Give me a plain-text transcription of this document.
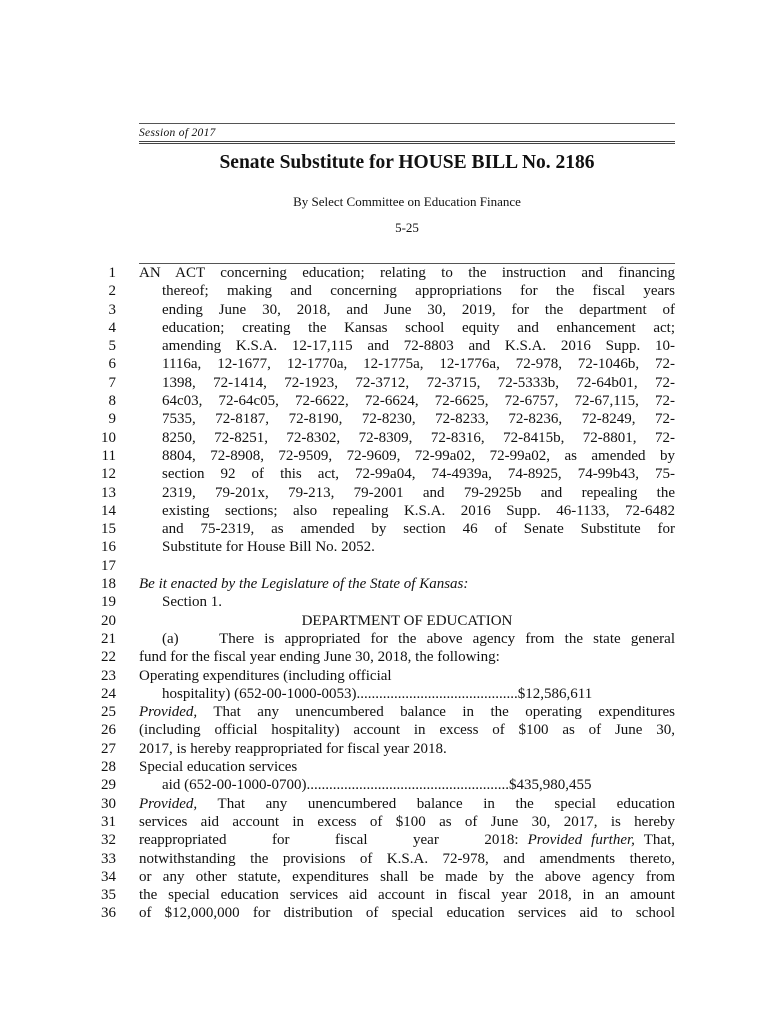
Session of 2017
Senate Substitute for HOUSE BILL No. 2186
By Select Committee on Education Finance
5-25
1
2
3
4
5
6
7
8
9
10
11
12
13
14
15
16
17
18
19
20
21
22
23
24
25
26
27
28
29
30
31
32
33
34
35
36
AN ACT concerning education; relating to the instruction and financing
thereof; making and concerning appropriations for the fiscal years
ending June 30, 2018, and June 30, 2019, for the department of
education; creating the Kansas school equity and enhancement act;
amending K.S.A. 12-17,115 and 72-8803 and K.S.A. 2016 Supp. 10-
1116a, 12-1677, 12-1770a, 12-1775a, 12-1776a, 72-978, 72-1046b, 72-
1398, 72-1414, 72-1923, 72-3712, 72-3715, 72-5333b, 72-64b01, 72-
64c03, 72-64c05, 72-6622, 72-6624, 72-6625, 72-6757, 72-67,115, 72-
7535, 72-8187, 72-8190, 72-8230, 72-8233, 72-8236, 72-8249, 72-
8250, 72-8251, 72-8302, 72-8309, 72-8316, 72-8415b, 72-8801, 72-
8804, 72-8908, 72-9509, 72-9609, 72-99a02, 72-99a02, as amended by
section 92 of this act, 72-99a04, 74-4939a, 74-8925, 74-99b43, 75-
2319, 79-201x, 79-213, 79-2001 and 79-2925b and repealing the
existing sections; also repealing K.S.A. 2016 Supp. 46-1133, 72-6482
and 75-2319, as amended by section 46 of Senate Substitute for
Substitute for House Bill No. 2052.
Be it enacted by the Legislature of the State of Kansas:
Section 1.
DEPARTMENT OF EDUCATION
(a)    There is appropriated for the above agency from the state general
fund for the fiscal year ending June 30, 2018, the following:
Operating expenditures (including official
hospitality) (652-00-1000-0053)...........................................$12,586,611
Provided, That any unencumbered balance in the operating expenditures
(including official hospitality) account in excess of $100 as of June 30,
2017, is hereby reappropriated for fiscal year 2018.
Special education services
aid (652-00-1000-0700)......................................................$435,980,455
Provided, That any unencumbered balance in the special education
services aid account in excess of $100 as of June 30, 2017, is hereby
reappropriated     for     fiscal     year     2018: Provided further, That,
notwithstanding the provisions of K.S.A. 72-978, and amendments thereto,
or any other statute, expenditures shall be made by the above agency from
the special education services aid account in fiscal year 2018, in an amount
of $12,000,000 for distribution of special education services aid to school
